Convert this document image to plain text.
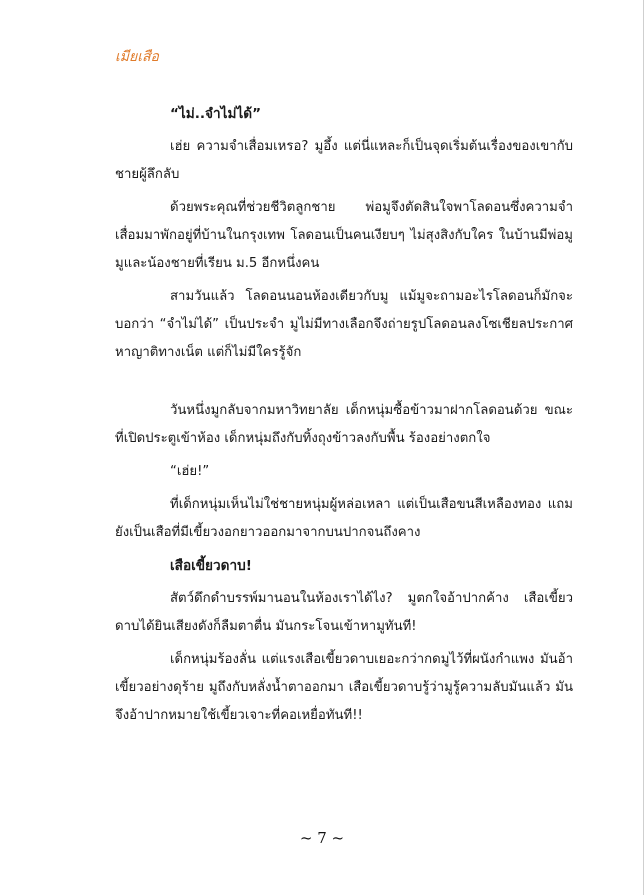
เมียเสือ

“ไม่..จำไม่ได้”

เฮ่ย ความจำเสื่อมเหรอ? มูอึ้ง แต่นี่แหละก็เป็นจุดเริ่มต้นเรื่องของเขากับชายผู้ลึกลับ

ด้วยพระคุณที่ช่วยชีวิตลูกชาย พ่อมูจึงตัดสินใจพาโลดอนซึ่งความจำเสื่อมมาพักอยู่ที่บ้านในกรุงเทพ โลดอนเป็นคนเงียบๆ ไม่สุงสิงกับใคร ในบ้านมีพ่อมู มูและน้องชายที่เรียน ม.5 อีกหนึ่งคน

สามวันแล้ว โลดอนนอนห้องเดียวกับมู แม้มูจะถามอะไรโลดอนก็มักจะบอกว่า “จำไม่ได้” เป็นประจำ มูไม่มีทางเลือกจึงถ่ายรูปโลดอนลงโซเชียลประกาศหาญาติทางเน็ต แต่ก็ไม่มีใครรู้จัก

วันหนึ่งมูกลับจากมหาวิทยาลัย เด็กหนุ่มซื้อข้าวมาฝากโลดอนด้วย ขณะที่เปิดประตูเข้าห้อง เด็กหนุ่มถึงกับทิ้งถุงข้าวลงกับพื้น ร้องอย่างตกใจ

“เฮ่ย!”

ที่เด็กหนุ่มเห็นไม่ใช่ชายหนุ่มผู้หล่อเหลา แต่เป็นเสือขนสีเหลืองทอง แถมยังเป็นเสือที่มีเขี้ยวงอกยาวออกมาจากบนปากจนถึงคาง

เสือเขี้ยวดาบ!

สัตว์ดึกดำบรรพ์มานอนในห้องเราได้ไง? มูตกใจอ้าปากค้าง เสือเขี้ยวดาบได้ยินเสียงดังก็ลืมตาตื่น มันกระโจนเข้าหามูทันที!

เด็กหนุ่มร้องลั่น แต่แรงเสือเขี้ยวดาบเยอะกว่ากดมูไว้ที่ผนังกำแพง มันอ้าเขี้ยวอย่างดุร้าย มูถึงกับหลั่งน้ำตาออกมา เสือเขี้ยวดาบรู้ว่ามูรู้ความลับมันแล้ว มันจึงอ้าปากหมายใช้เขี้ยวเจาะที่คอเหยื่อทันที!!

~ 7 ~
